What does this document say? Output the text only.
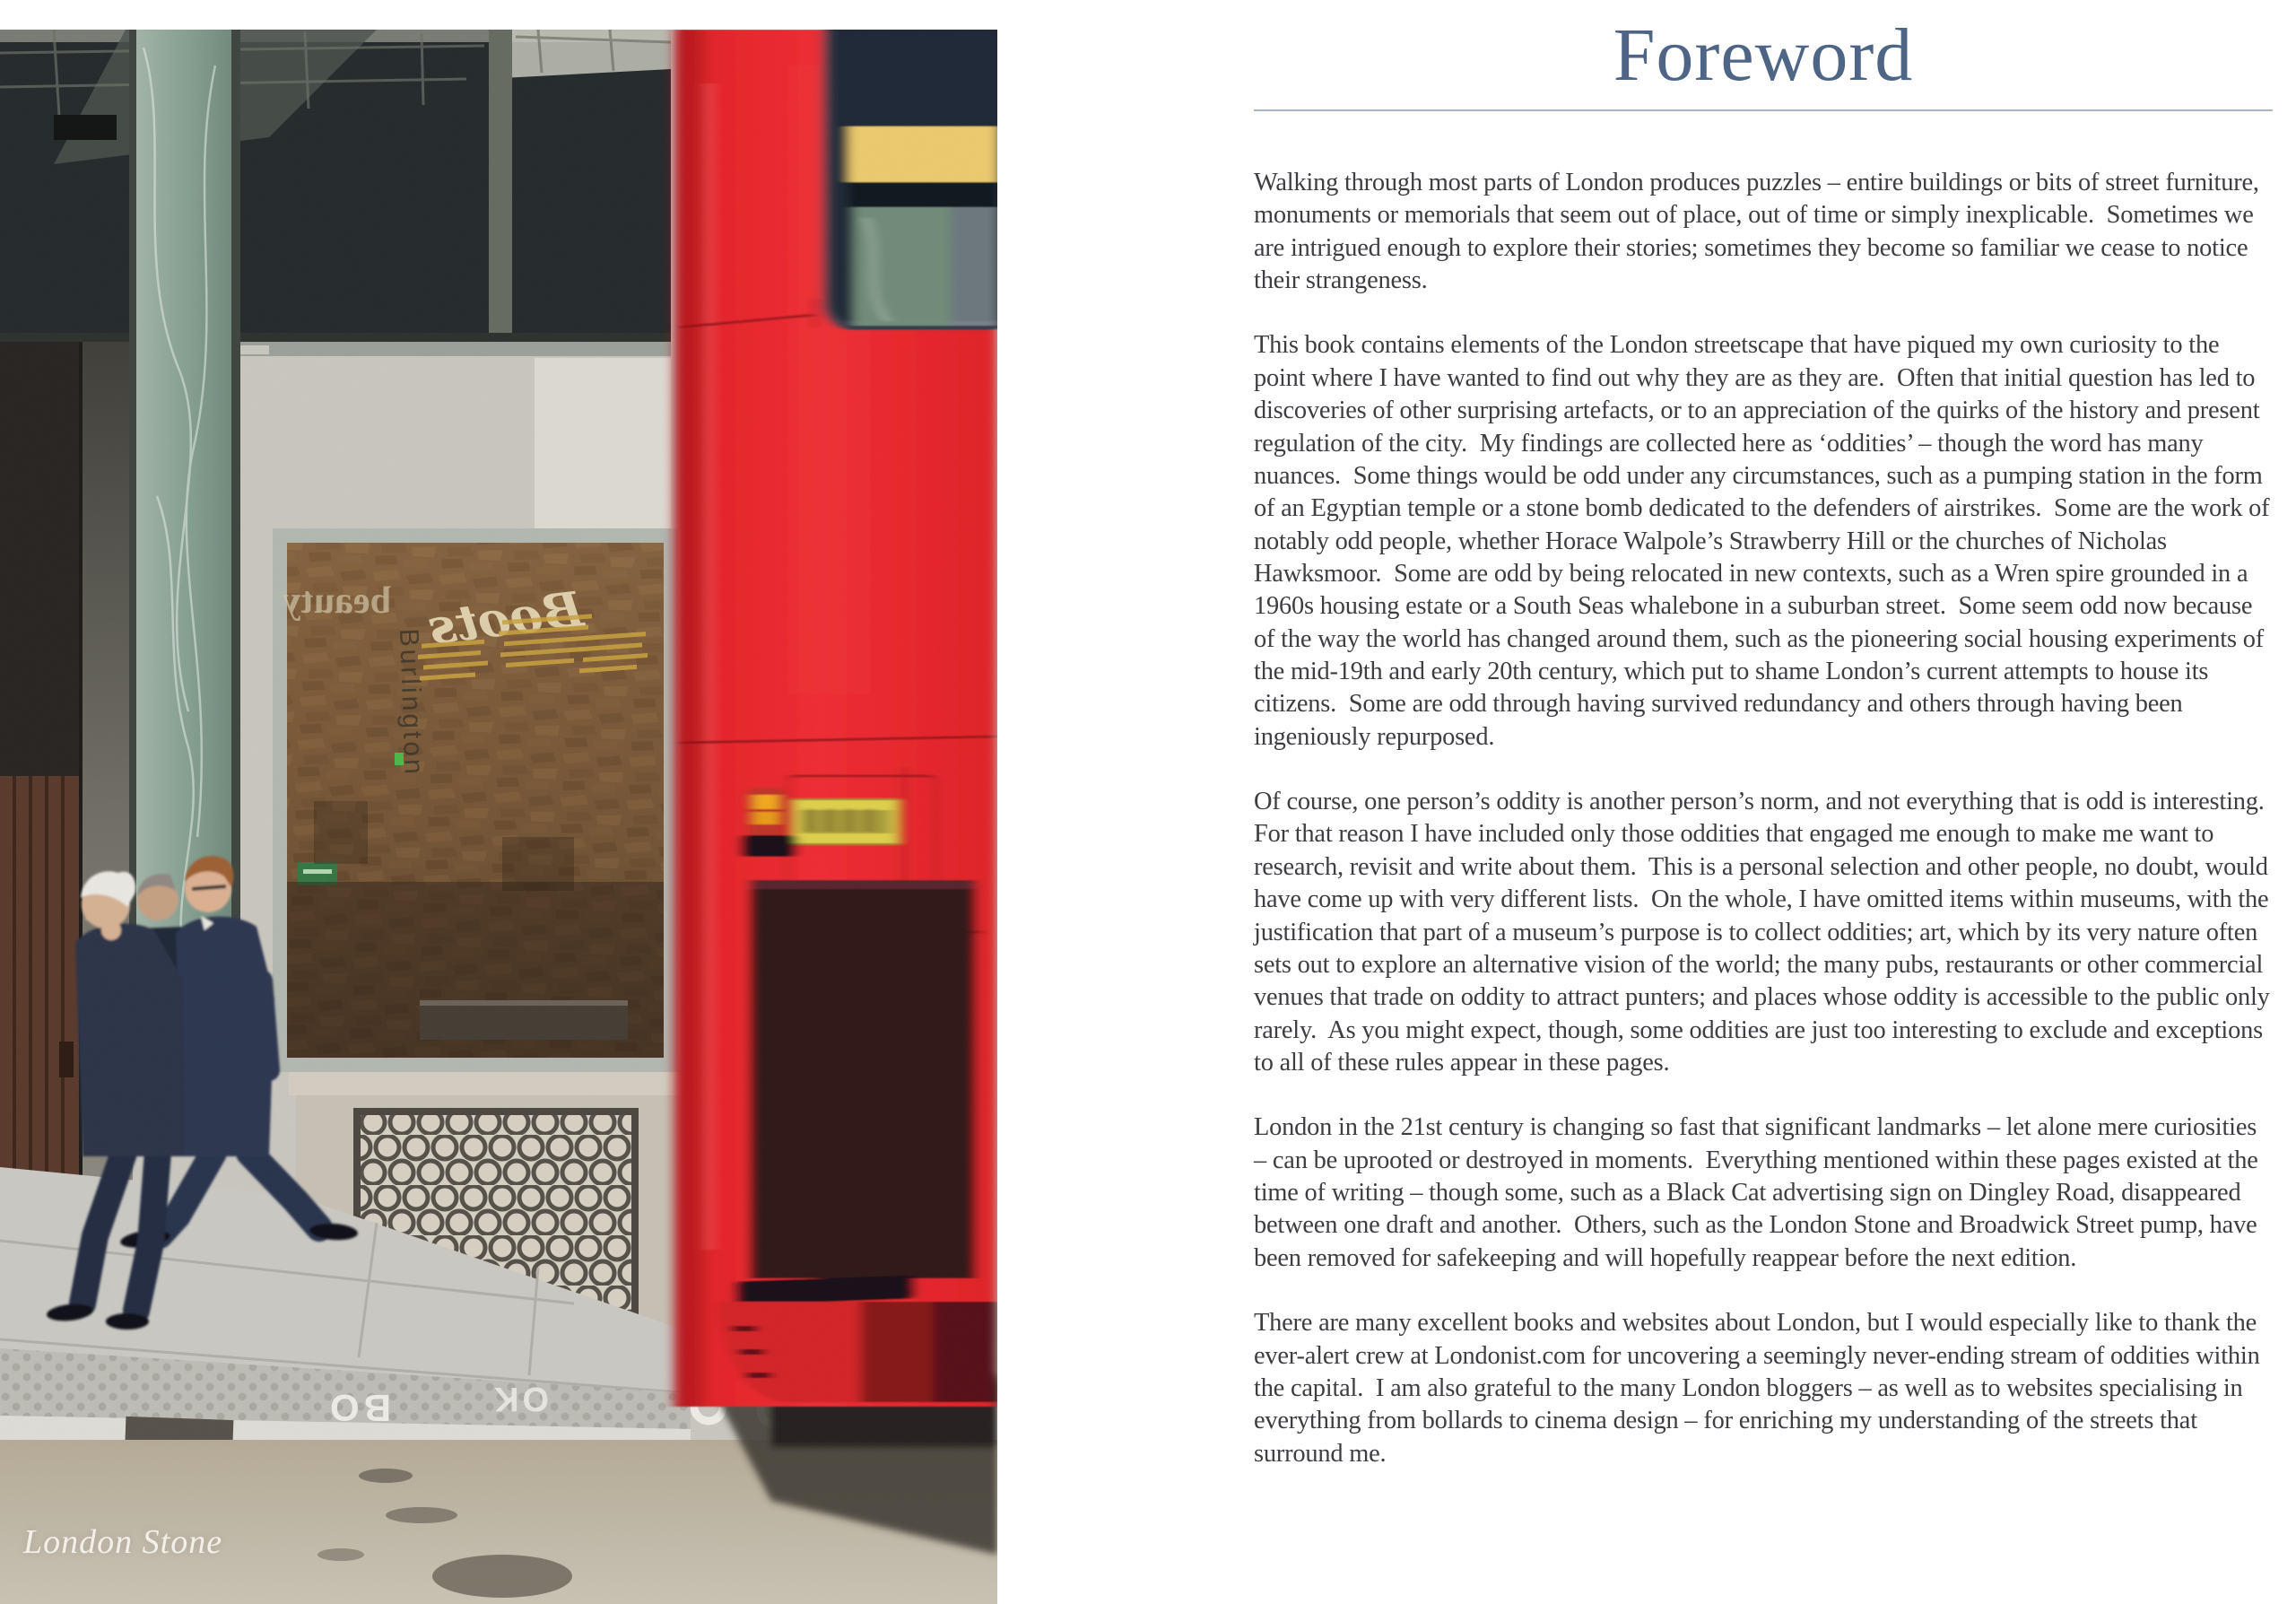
London Stone
Foreword

Walking through most parts of London produces puzzles – entire buildings or bits of street furniture, monuments or memorials that seem out of place, out of time or simply inexplicable.  Sometimes we are intrigued enough to explore their stories; sometimes they become so familiar we cease to notice their strangeness.

This book contains elements of the London streetscape that have piqued my own curiosity to the point where I have wanted to find out why they are as they are.  Often that initial question has led to discoveries of other surprising artefacts, or to an appreciation of the quirks of the history and present regulation of the city.  My findings are collected here as ‘oddities’ – though the word has many nuances.  Some things would be odd under any circumstances, such as a pumping station in the form of an Egyptian temple or a stone bomb dedicated to the defenders of airstrikes.  Some are the work of notably odd people, whether Horace Walpole’s Strawberry Hill or the churches of Nicholas Hawksmoor.  Some are odd by being relocated in new contexts, such as a Wren spire grounded in a 1960s housing estate or a South Seas whalebone in a suburban street.  Some seem odd now because of the way the world has changed around them, such as the pioneering social housing experiments of the mid-19th and early 20th century, which put to shame London’s current attempts to house its citizens.  Some are odd through having survived redundancy and others through having been ingeniously repurposed.

Of course, one person’s oddity is another person’s norm, and not everything that is odd is interesting.  For that reason I have included only those oddities that engaged me enough to make me want to research, revisit and write about them.  This is a personal selection and other people, no doubt, would have come up with very different lists.  On the whole, I have omitted items within museums, with the justification that part of a museum’s purpose is to collect oddities; art, which by its very nature often sets out to explore an alternative vision of the world; the many pubs, restaurants or other commercial venues that trade on oddity to attract punters; and places whose oddity is accessible to the public only rarely.  As you might expect, though, some oddities are just too interesting to exclude and exceptions to all of these rules appear in these pages.

London in the 21st century is changing so fast that significant landmarks – let alone mere curiosities – can be uprooted or destroyed in moments.  Everything mentioned within these pages existed at the time of writing – though some, such as a Black Cat advertising sign on Dingley Road, disappeared between one draft and another.  Others, such as the London Stone and Broadwick Street pump, have been removed for safekeeping and will hopefully reappear before the next edition.

There are many excellent books and websites about London, but I would especially like to thank the ever-alert crew at Londonist.com for uncovering a seemingly never-ending stream of oddities within the capital.  I am also grateful to the many London bloggers – as well as to websites specialising in everything from bollards to cinema design – for enriching my understanding of the streets that surround me.
